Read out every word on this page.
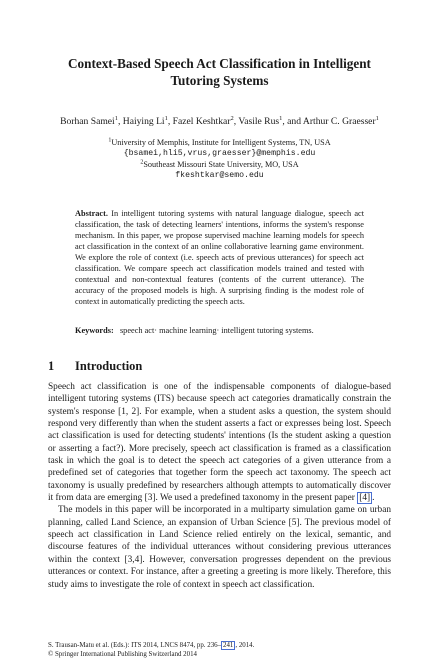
Context-Based Speech Act Classification in Intelligent
Tutoring Systems
Borhan Samei$^1$, Haiying Li$^1$, Fazel Keshtkar$^2$, Vasile Rus$^1$, and Arthur C. Graesser$^1$
$^1$University of Memphis, Institute for Intelligent Systems, TN, USA
{bsamei,hli5,vrus,graesser}@memphis.edu
$^2$Southeast Missouri State University, MO, USA
fkeshtkar@semo.edu
Abstract. In intelligent tutoring systems with natural language dialogue, speech act classification, the task of detecting learners' intentions, informs the system's response mechanism. In this paper, we propose supervised machine learning models for speech act classification in the context of an online collaborative learning game environment. We explore the role of context (i.e. speech acts of previous utterances) for speech act classification. We compare speech act classification models trained and tested with contextual and non-contextual features (contents of the current utterance). The accuracy of the proposed models is high. A surprising finding is the modest role of context in automatically predicting the speech acts.
Keywords: speech act· machine learning· intelligent tutoring systems.
1 Introduction

Speech act classification is one of the indispensable components of dialogue-based intelligent tutoring systems (ITS) because speech act categories dramatically constrain the system's response [1, 2]. For example, when a student asks a question, the system should respond very differently than when the student asserts a fact or expresses being lost. Speech act classification is used for detecting students' intentions (Is the student asking a question or asserting a fact?). More precisely, speech act classification is framed as a classification task in which the goal is to detect the speech act categories of a given utterance from a predefined set of categories that together form the speech act taxonomy. The speech act taxonomy is usually predefined by researchers although attempts to automatically discover it from data are emerging [3]. We used a predefined taxonomy in the present paper [4] .

The models in this paper will be incorporated in a multiparty simulation game on urban planning, called Land Science, an expansion of Urban Science [5]. The previous model of speech act classification in Land Science relied entirely on the lexical, semantic, and discourse features of the individual utterances without considering previous utterances within the context [3,4]. However, conversation progresses dependent on the previous utterances or context. For instance, after a greeting a greeting is more likely. Therefore, this study aims to investigate the role of context in speech act classification.

S. Trausan-Matu et al. (Eds.): ITS 2014, LNCS 8474, pp. 236– 241 , 2014.
© Springer International Publishing Switzerland 2014
